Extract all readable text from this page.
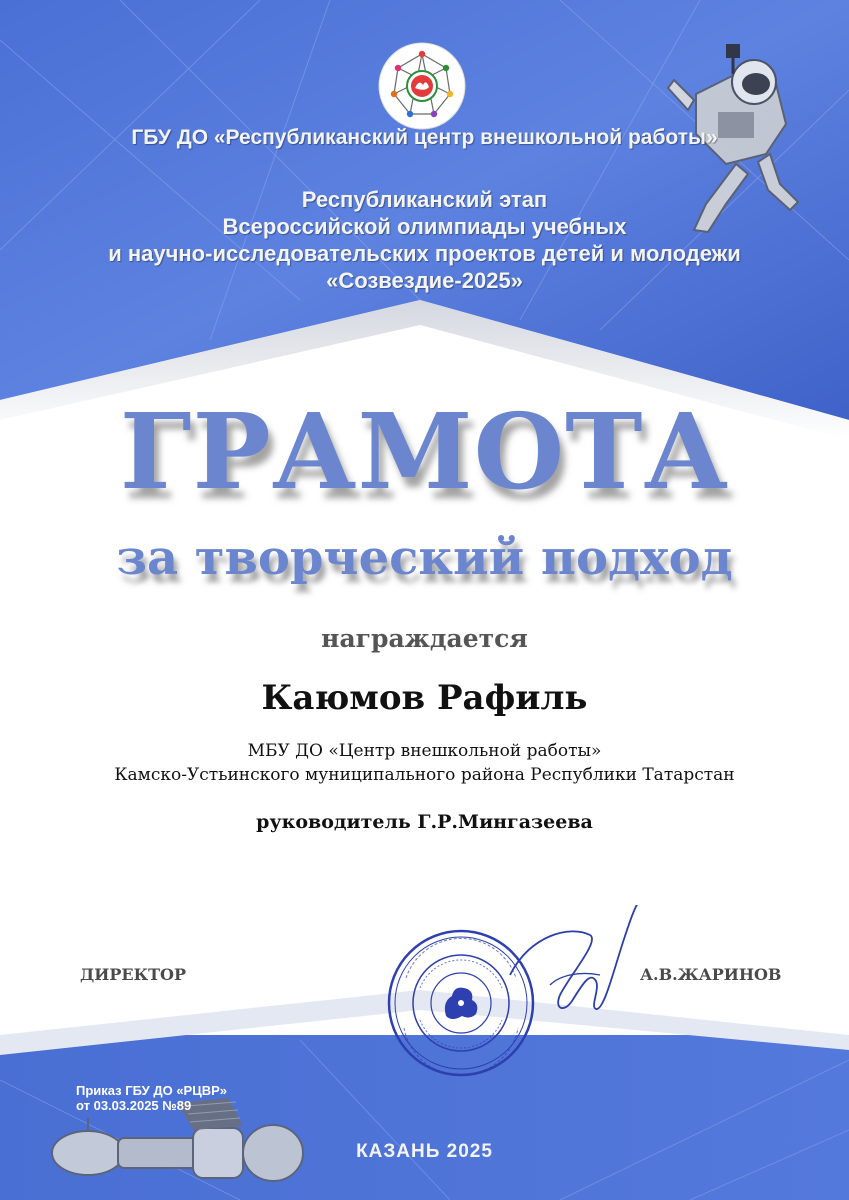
ГБУ ДО «Республиканский центр внешкольной работы»
Республиканский этап
Всероссийской олимпиады учебных
и научно-исследовательских проектов детей и молодежи
«Созвездие-2025»
ГРАМОТА
за творческий подход
награждается
Каюмов Рафиль
МБУ ДО «Центр внешкольной работы»
Камско-Устьинского муниципального района Республики Татарстан
руководитель Г.Р.Мингазеева
ДИРЕКТОР	А.В.ЖАРИНОВ
Приказ ГБУ ДО «РЦВР»
от 03.03.2025 №89
КАЗАНЬ 2025
